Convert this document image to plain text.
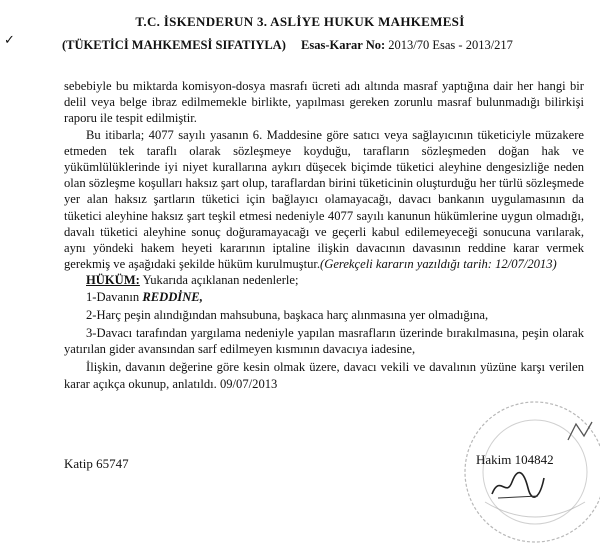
✓
T.C. İSKENDERUN 3. ASLİYE HUKUK MAHKEMESİ
(TÜKETİCİ MAHKEMESİ SIFATIYLA) Esas-Karar No: 2013/70 Esas - 2013/217

sebebiyle bu miktarda komisyon-dosya masrafı ücreti adı altında masraf yaptığına dair her hangi bir delil veya belge ibraz edilmemekle birlikte, yapılması gereken zorunlu masraf bulunmadığı bilirkişi raporu ile tespit edilmiştir.

Bu itibarla; 4077 sayılı yasanın 6. Maddesine göre satıcı veya sağlayıcının tüketiciyle müzakere etmeden tek taraflı olarak sözleşmeye koyduğu, tarafların sözleşmeden doğan hak ve yükümlülüklerinde iyi niyet kurallarına aykırı düşecek biçimde tüketici aleyhine dengesizliğe neden olan sözleşme koşulları haksız şart olup, taraflardan birini tüketicinin oluşturduğu her türlü sözleşmede yer alan haksız şartların tüketici için bağlayıcı olamayacağı, davacı bankanın uygulamasının da tüketici aleyhine haksız şart teşkil etmesi nedeniyle 4077 sayılı kanunun hükümlerine uygun olmadığı, davalı tüketici aleyhine sonuç doğuramayacağı ve geçerli kabul edilemeyeceği sonucuna varılarak, aynı yöndeki hakem heyeti kararının iptaline ilişkin davacının davasının reddine karar vermek gerekmiş ve aşağıdaki şekilde hüküm kurulmuştur.(Gerekçeli kararın yazıldığı tarih: 12/07/2013)

HÜKÜM: Yukarıda açıklanan nedenlerle;

1-Davanın REDDİNE,

2-Harç peşin alındığından mahsubuna, başkaca harç alınmasına yer olmadığına,

3-Davacı tarafından yargılama nedeniyle yapılan masrafların üzerinde bırakılmasına, peşin olarak yatırılan gider avansından sarf edilmeyen kısmının davacıya iadesine,

İlişkin, davanın değerine göre kesin olmak üzere, davacı vekili ve davalının yüzüne karşı verilen karar açıkça okunup, anlatıldı. 09/07/2013

Katip 65747	Hakim 104842
